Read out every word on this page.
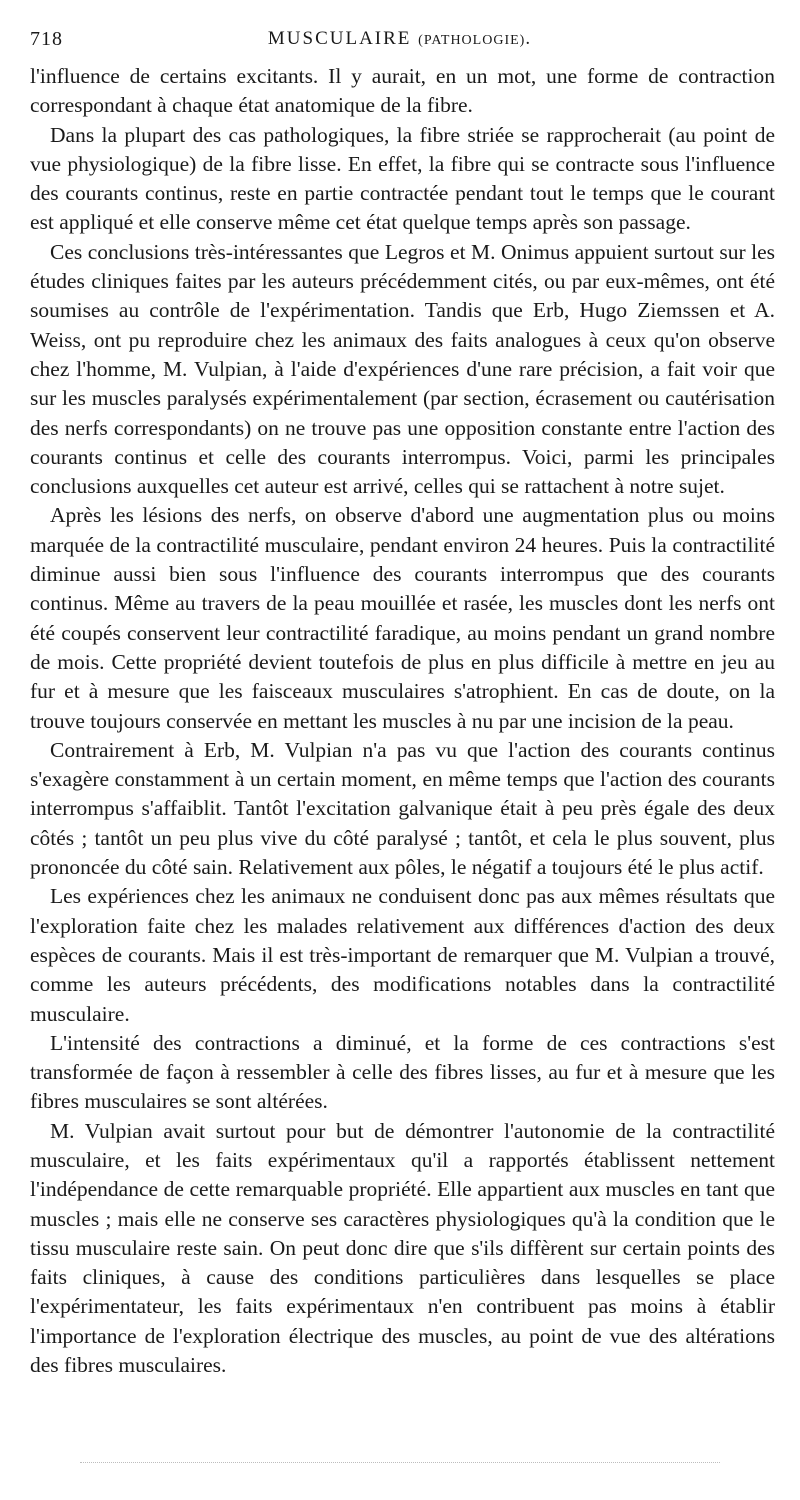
718	MUSCULAIRE (PATHOLOGIE).

l'influence de certains excitants. Il y aurait, en un mot, une forme de contraction correspondant à chaque état anatomique de la fibre.

Dans la plupart des cas pathologiques, la fibre striée se rapprocherait (au point de vue physiologique) de la fibre lisse. En effet, la fibre qui se contracte sous l'influence des courants continus, reste en partie contractée pendant tout le temps que le courant est appliqué et elle conserve même cet état quelque temps après son passage.

Ces conclusions très-intéressantes que Legros et M. Onimus appuient surtout sur les études cliniques faites par les auteurs précédemment cités, ou par eux-mêmes, ont été soumises au contrôle de l'expérimentation. Tandis que Erb, Hugo Ziemssen et A. Weiss, ont pu reproduire chez les animaux des faits analogues à ceux qu'on observe chez l'homme, M. Vulpian, à l'aide d'expériences d'une rare précision, a fait voir que sur les muscles paralysés expérimentalement (par section, écrasement ou cautérisation des nerfs correspondants) on ne trouve pas une opposition constante entre l'action des courants continus et celle des courants interrompus. Voici, parmi les principales conclusions auxquelles cet auteur est arrivé, celles qui se rattachent à notre sujet.

Après les lésions des nerfs, on observe d'abord une augmentation plus ou moins marquée de la contractilité musculaire, pendant environ 24 heures. Puis la contractilité diminue aussi bien sous l'influence des courants interrompus que des courants continus. Même au travers de la peau mouillée et rasée, les muscles dont les nerfs ont été coupés conservent leur contractilité faradique, au moins pendant un grand nombre de mois. Cette propriété devient toutefois de plus en plus difficile à mettre en jeu au fur et à mesure que les faisceaux musculaires s'atrophient. En cas de doute, on la trouve toujours conservée en mettant les muscles à nu par une incision de la peau.

Contrairement à Erb, M. Vulpian n'a pas vu que l'action des courants continus s'exagère constamment à un certain moment, en même temps que l'action des courants interrompus s'affaiblit. Tantôt l'excitation galvanique était à peu près égale des deux côtés ; tantôt un peu plus vive du côté paralysé ; tantôt, et cela le plus souvent, plus prononcée du côté sain. Relativement aux pôles, le négatif a toujours été le plus actif.

Les expériences chez les animaux ne conduisent donc pas aux mêmes résultats que l'exploration faite chez les malades relativement aux différences d'action des deux espèces de courants. Mais il est très-important de remarquer que M. Vulpian a trouvé, comme les auteurs précédents, des modifications notables dans la contractilité musculaire.

L'intensité des contractions a diminué, et la forme de ces contractions s'est transformée de façon à ressembler à celle des fibres lisses, au fur et à mesure que les fibres musculaires se sont altérées.

M. Vulpian avait surtout pour but de démontrer l'autonomie de la contractilité musculaire, et les faits expérimentaux qu'il a rapportés établissent nettement l'indépendance de cette remarquable propriété. Elle appartient aux muscles en tant que muscles ; mais elle ne conserve ses caractères physiologiques qu'à la condition que le tissu musculaire reste sain. On peut donc dire que s'ils diffèrent sur certain points des faits cliniques, à cause des conditions particulières dans lesquelles se place l'expérimentateur, les faits expérimentaux n'en contribuent pas moins à établir l'importance de l'exploration électrique des muscles, au point de vue des altérations des fibres musculaires.
